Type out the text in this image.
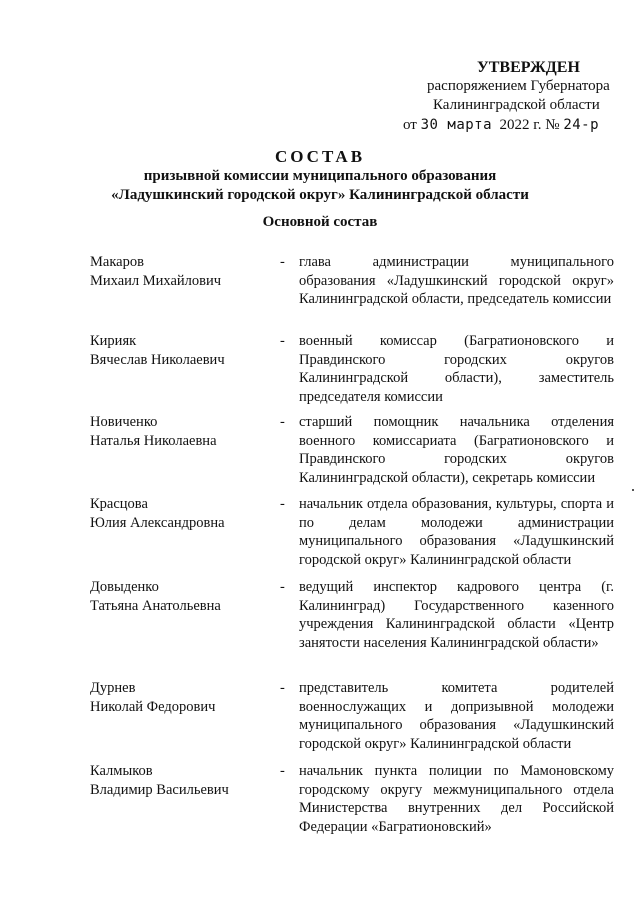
УТВЕРЖДЕН
распоряжением Губернатора
Калининградской области
от 30 марта 2022 г. № 24-р
СОСТАВ
призывной комиссии муниципального образования
«Ладушкинский городской округ» Калининградской области
Основной состав
Макаров
Михаил Михайлович
- глава администрации муниципального образования «Ладушкинский городской округ» Калининградской области, председатель комиссии
Кирияк
Вячеслав Николаевич
- военный комиссар (Багратионовского и Правдинского городских округов Калининградской области), заместитель председателя комиссии
Новиченко
Наталья Николаевна
- старший помощник начальника отделения военного комиссариата (Багратионовского и Правдинского городских округов Калининградской области), секретарь комиссии
Красцова
Юлия Александровна
- начальник отдела образования, культуры, спорта и по делам молодежи администрации муниципального образования «Ладушкинский городской округ» Калининградской области
Довыденко
Татьяна Анатольевна
- ведущий инспектор кадрового центра (г. Калининград) Государственного казенного учреждения Калининградской области «Центр занятости населения Калининградской области»
Дурнев
Николай Федорович
- представитель комитета родителей военнослужащих и допризывной молодежи муниципального образования «Ладушкинский городской округ» Калининградской области
Калмыков
Владимир Васильевич
- начальник пункта полиции по Мамоновскому городскому округу межмуниципального отдела Министерства внутренних дел Российской Федерации «Багратионовский»
